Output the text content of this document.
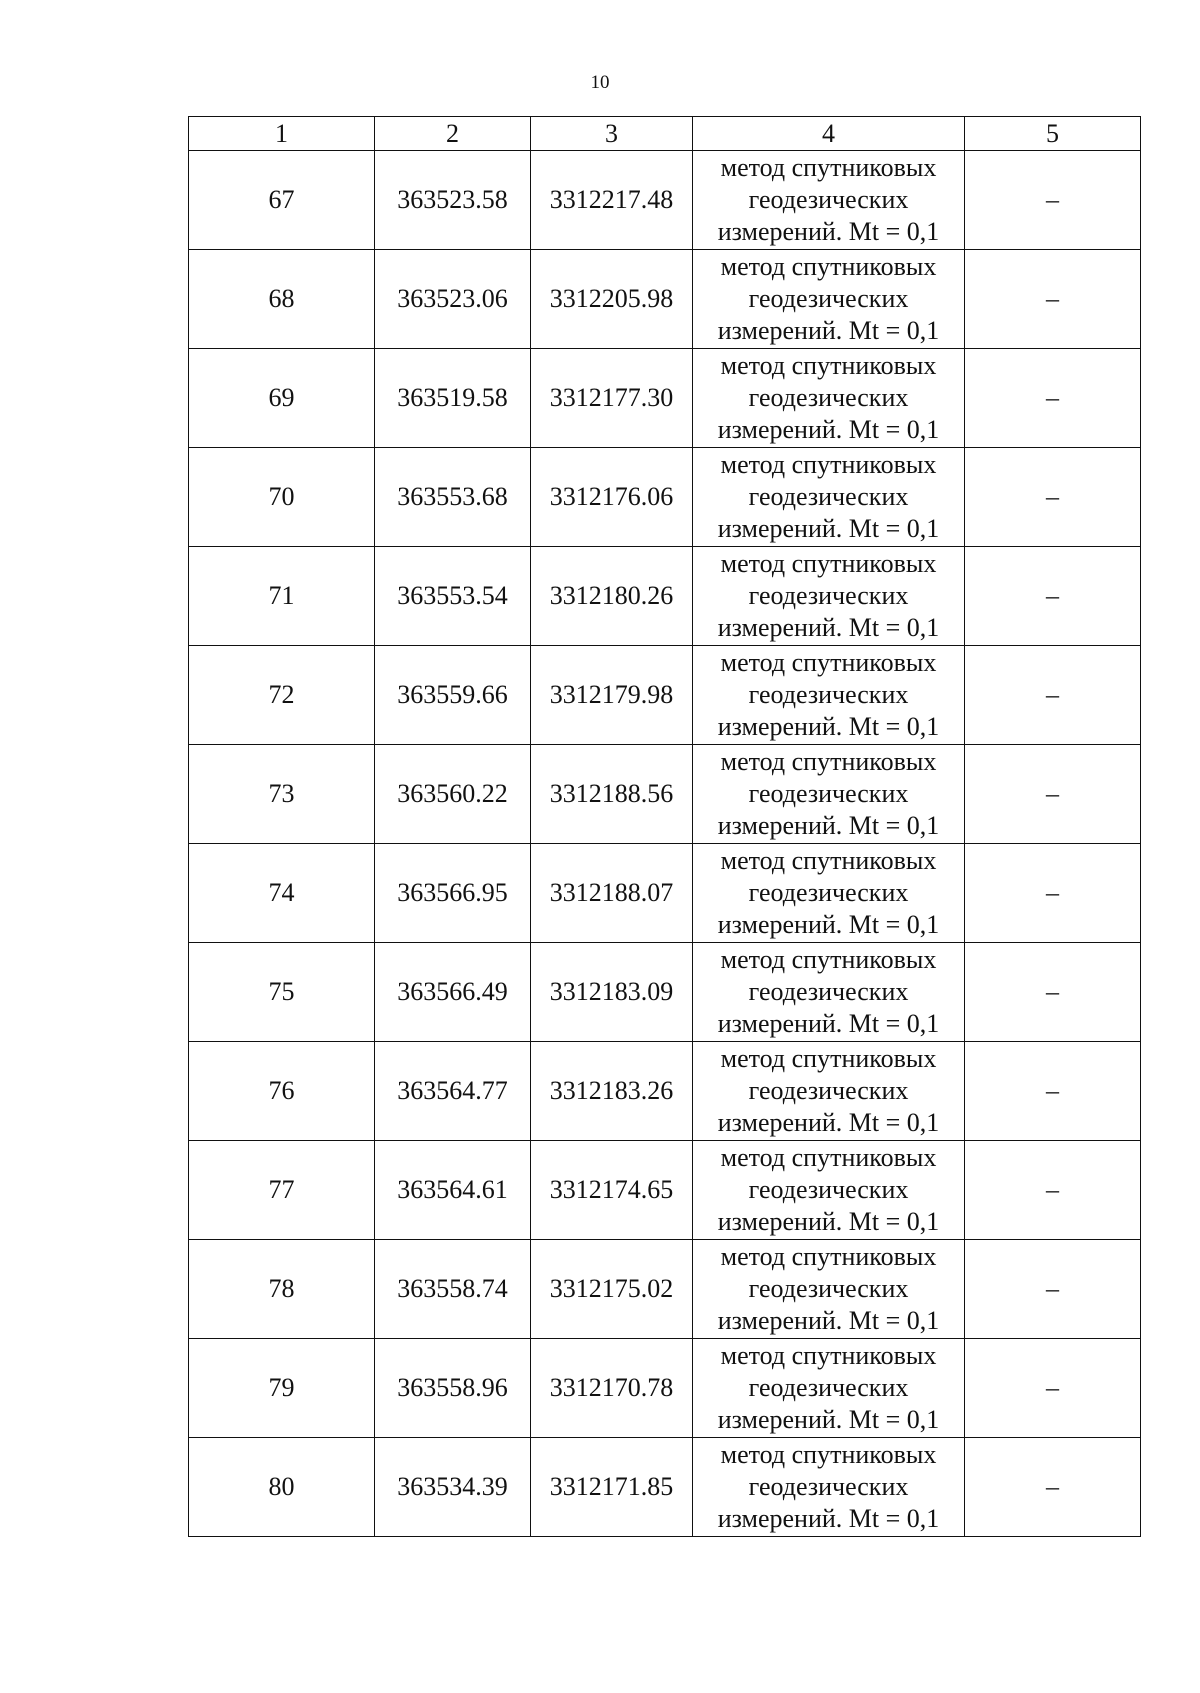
10
1	2	3	4	5
67	363523.58	3312217.48	метод спутниковых
геодезических
измерений. Mt = 0,1	–
68	363523.06	3312205.98	метод спутниковых
геодезических
измерений. Mt = 0,1	–
69	363519.58	3312177.30	метод спутниковых
геодезических
измерений. Mt = 0,1	–
70	363553.68	3312176.06	метод спутниковых
геодезических
измерений. Mt = 0,1	–
71	363553.54	3312180.26	метод спутниковых
геодезических
измерений. Mt = 0,1	–
72	363559.66	3312179.98	метод спутниковых
геодезических
измерений. Mt = 0,1	–
73	363560.22	3312188.56	метод спутниковых
геодезических
измерений. Mt = 0,1	–
74	363566.95	3312188.07	метод спутниковых
геодезических
измерений. Mt = 0,1	–
75	363566.49	3312183.09	метод спутниковых
геодезических
измерений. Mt = 0,1	–
76	363564.77	3312183.26	метод спутниковых
геодезических
измерений. Mt = 0,1	–
77	363564.61	3312174.65	метод спутниковых
геодезических
измерений. Mt = 0,1	–
78	363558.74	3312175.02	метод спутниковых
геодезических
измерений. Mt = 0,1	–
79	363558.96	3312170.78	метод спутниковых
геодезических
измерений. Mt = 0,1	–
80	363534.39	3312171.85	метод спутниковых
геодезических
измерений. Mt = 0,1	–
